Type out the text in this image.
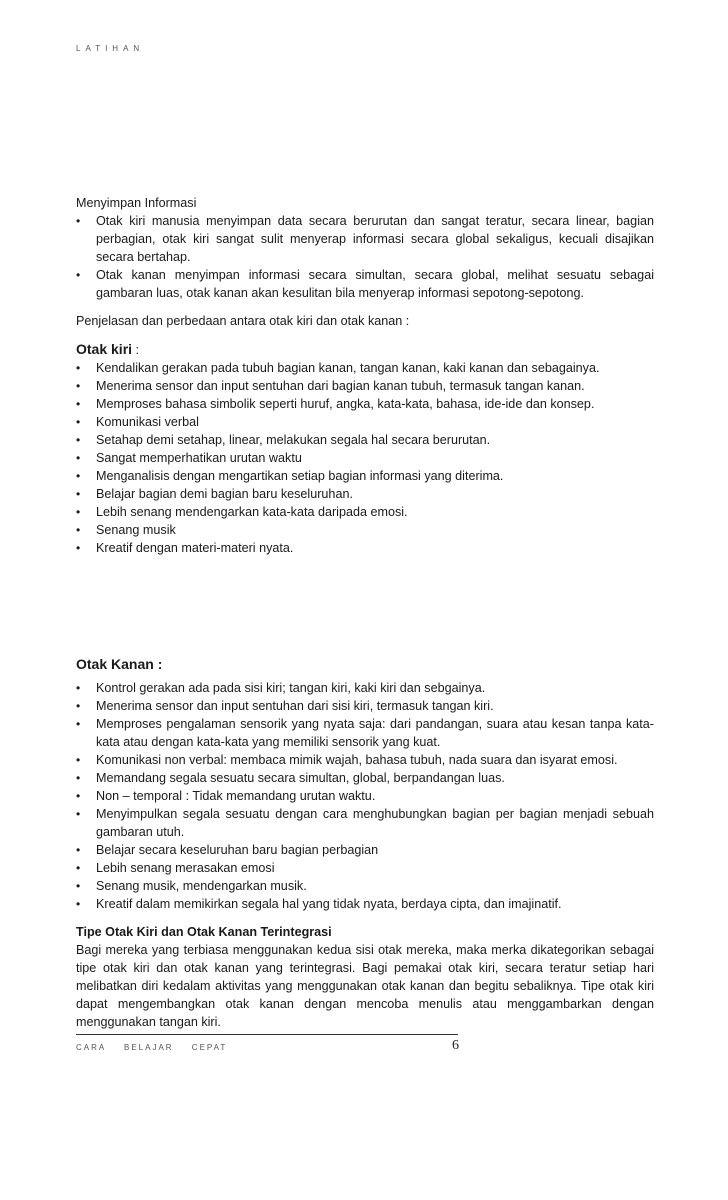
LATIHAN

Menyimpan Informasi

• Otak kiri manusia menyimpan data secara berurutan dan sangat teratur, secara linear, bagian perbagian, otak kiri sangat sulit menyerap informasi secara global sekaligus, kecuali disajikan secara bertahap.
• Otak kanan menyimpan informasi secara simultan, secara global, melihat sesuatu sebagai gambaran luas, otak kanan akan kesulitan bila menyerap informasi sepotong-sepotong.

Penjelasan dan perbedaan antara otak kiri dan otak kanan :

Otak kiri :

• Kendalikan gerakan pada tubuh bagian kanan, tangan kanan, kaki kanan dan sebagainya.
• Menerima sensor dan input sentuhan dari bagian kanan tubuh, termasuk tangan kanan.
• Memproses bahasa simbolik seperti huruf, angka, kata-kata, bahasa, ide-ide dan konsep.
• Komunikasi verbal
• Setahap demi setahap, linear, melakukan segala hal secara berurutan.
• Sangat memperhatikan urutan waktu
• Menganalisis dengan mengartikan setiap bagian informasi yang diterima.
• Belajar bagian demi bagian baru keseluruhan.
• Lebih senang mendengarkan kata-kata daripada emosi.
• Senang musik
• Kreatif dengan materi-materi nyata.

Otak Kanan :

• Kontrol gerakan ada pada sisi kiri; tangan kiri, kaki kiri dan sebgainya.
• Menerima sensor dan input sentuhan dari sisi kiri, termasuk tangan kiri.
• Memproses pengalaman sensorik yang nyata saja: dari pandangan, suara atau kesan tanpa kata-kata atau dengan kata-kata yang memiliki sensorik yang kuat.
• Komunikasi non verbal: membaca mimik wajah, bahasa tubuh, nada suara dan isyarat emosi.
• Memandang segala sesuatu secara simultan, global, berpandangan luas.
• Non – temporal : Tidak memandang urutan waktu.
• Menyimpulkan segala sesuatu dengan cara menghubungkan bagian per bagian menjadi sebuah gambaran utuh.
• Belajar secara keseluruhan baru bagian perbagian
• Lebih senang merasakan emosi
• Senang musik, mendengarkan musik.
• Kreatif dalam memikirkan segala hal yang tidak nyata, berdaya cipta, dan imajinatif.

Tipe Otak Kiri dan Otak Kanan Terintegrasi

Bagi mereka yang terbiasa menggunakan kedua sisi otak mereka, maka merka dikategorikan sebagai tipe otak kiri dan otak kanan yang terintegrasi. Bagi pemakai otak kiri, secara teratur setiap hari melibatkan diri kedalam aktivitas yang menggunakan otak kanan dan begitu sebaliknya. Tipe otak kiri dapat mengembangkan otak kanan dengan mencoba menulis atau menggambarkan dengan menggunakan tangan kiri.

CARA BELAJAR CEPAT	6
